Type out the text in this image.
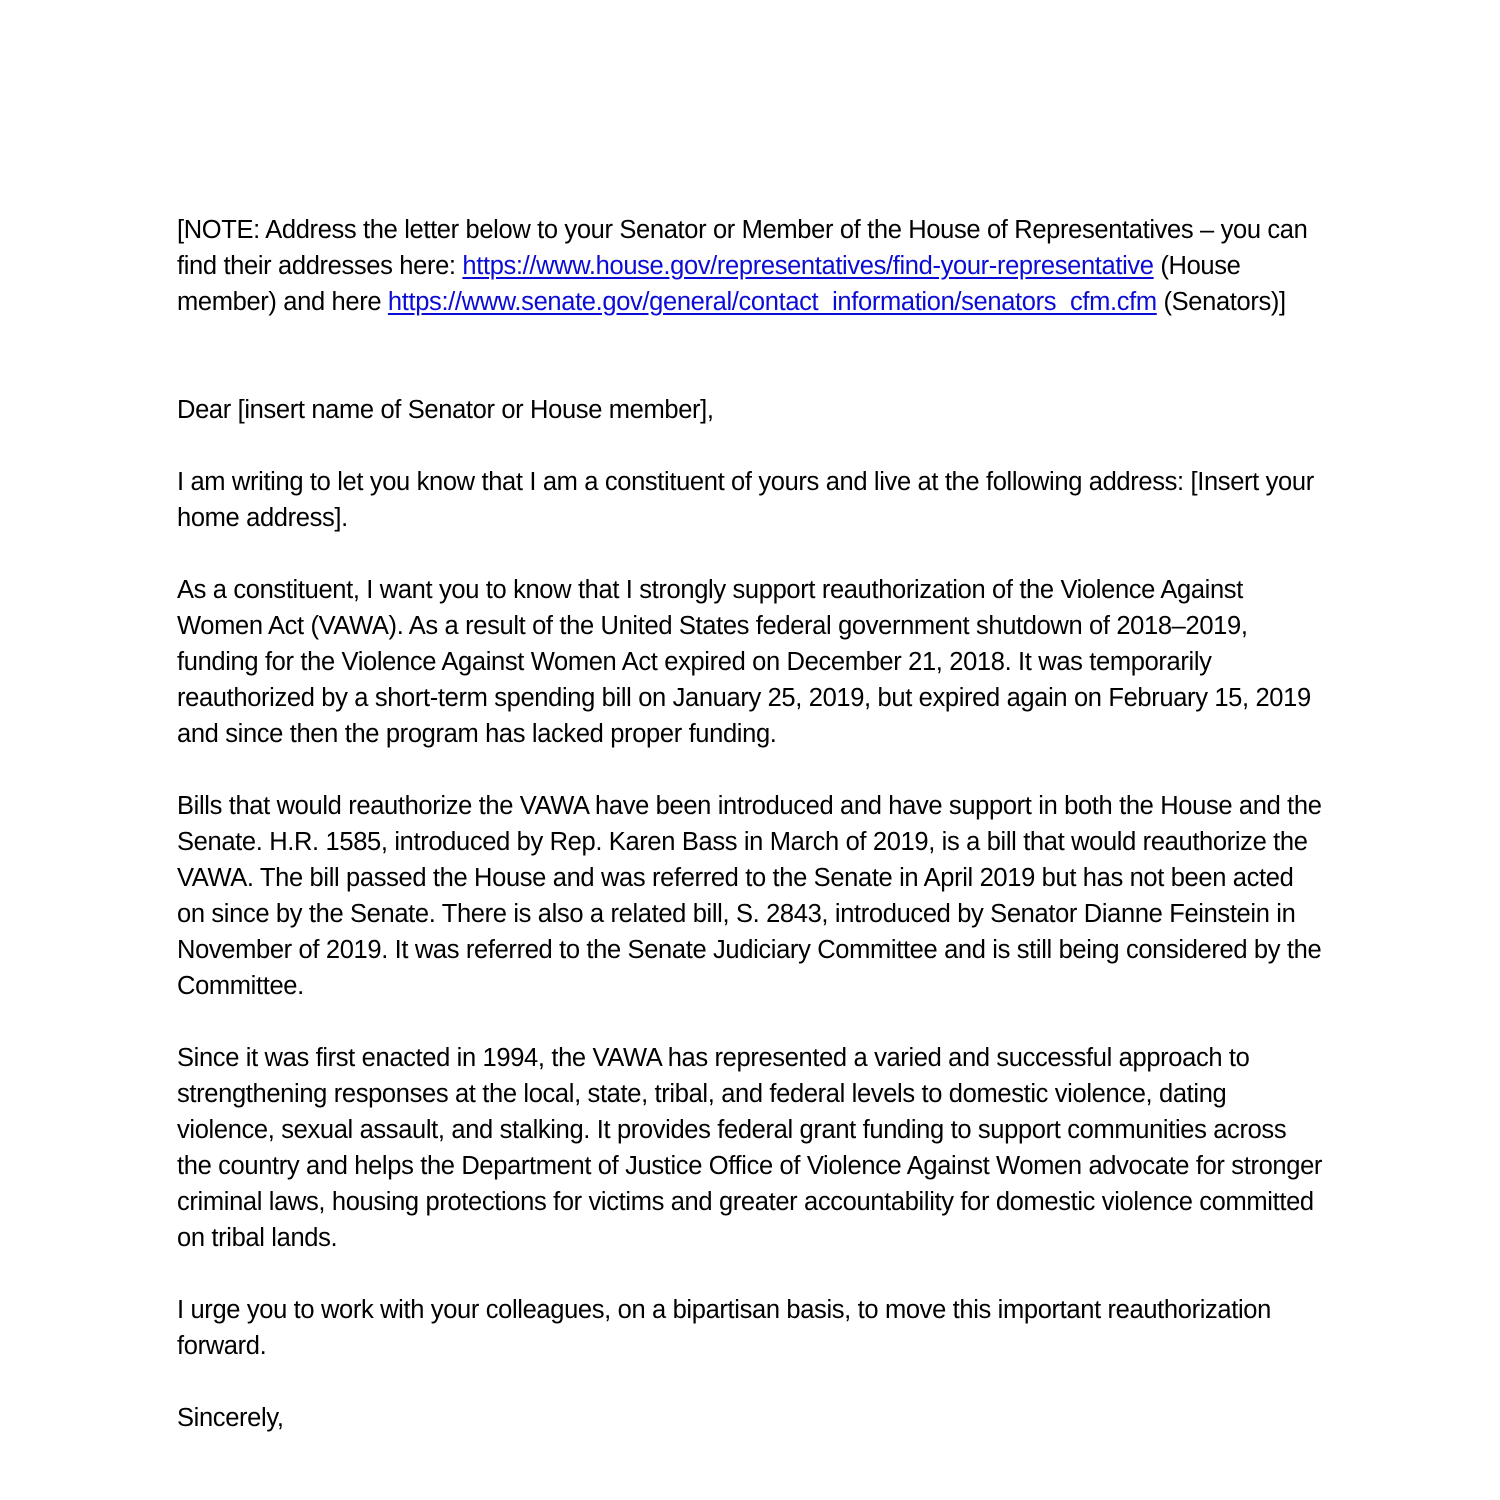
[NOTE: Address the letter below to your Senator or Member of the House of Representatives – you can find their addresses here: https://www.house.gov/representatives/find-your-representative (House member) and here https://www.senate.gov/general/contact_information/senators_cfm.cfm (Senators)]

Dear [insert name of Senator or House member],

I am writing to let you know that I am a constituent of yours and live at the following address: [Insert your home address].

As a constituent, I want you to know that I strongly support reauthorization of the Violence Against Women Act (VAWA). As a result of the United States federal government shutdown of 2018–2019, funding for the Violence Against Women Act expired on December 21, 2018. It was temporarily reauthorized by a short-term spending bill on January 25, 2019, but expired again on February 15, 2019 and since then the program has lacked proper funding.

Bills that would reauthorize the VAWA have been introduced and have support in both the House and the Senate. H.R. 1585, introduced by Rep. Karen Bass in March of 2019, is a bill that would reauthorize the VAWA. The bill passed the House and was referred to the Senate in April 2019 but has not been acted on since by the Senate. There is also a related bill, S. 2843, introduced by Senator Dianne Feinstein in November of 2019. It was referred to the Senate Judiciary Committee and is still being considered by the Committee.

Since it was first enacted in 1994, the VAWA has represented a varied and successful approach to strengthening responses at the local, state, tribal, and federal levels to domestic violence, dating violence, sexual assault, and stalking. It provides federal grant funding to support communities across the country and helps the Department of Justice Office of Violence Against Women advocate for stronger criminal laws, housing protections for victims and greater accountability for domestic violence committed on tribal lands.

I urge you to work with your colleagues, on a bipartisan basis, to move this important reauthorization forward.

Sincerely,
